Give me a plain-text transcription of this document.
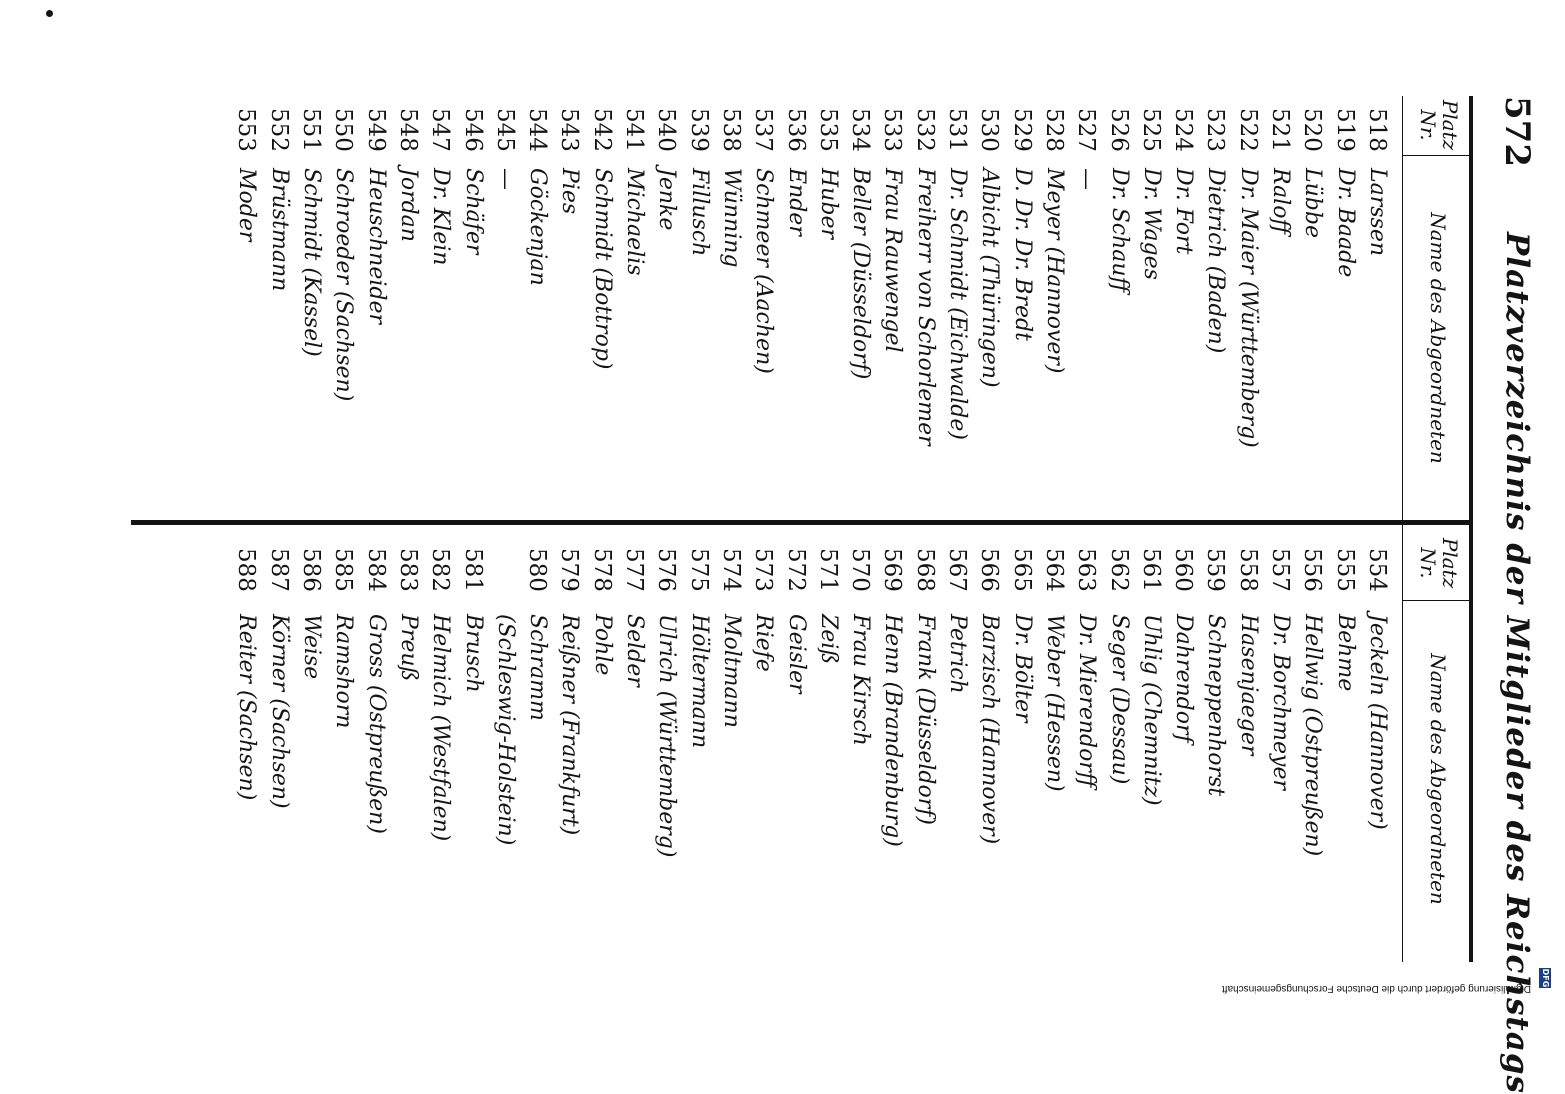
572
Platzverzeichnis der Mitglieder des Reichstags
Platz
Nr.
Name des Abgeordneten
Platz
Nr.
Name des Abgeordneten
518
Larssen
519
Dr. Baade
520
Lübbe
521
Raloff
522
Dr. Maier (Württemberg)
523
Dietrich (Baden)
524
Dr. Fort
525
Dr. Wages
526
Dr. Schauff
527
—
528
Meyer (Hannover)
529
D. Dr. Dr. Bredt
530
Albicht (Thüringen)
531
Dr. Schmidt (Eichwalde)
532
Freiherr von Schorlemer
533
Frau Rauwengel
534
Beller (Düsseldorf)
535
Huber
536
Ender
537
Schmeer (Aachen)
538
Wünning
539
Fillusch
540
Jenke
541
Michaelis
542
Schmidt (Bottrop)
543
Pies
544
Göckenjan
545
—
546
Schäfer
547
Dr. Klein
548
Jordan
549
Heuschneider
550
Schroeder (Sachsen)
551
Schmidt (Kassel)
552
Brüstmann
553
Moder
554
Jeckeln (Hannover)
555
Behme
556
Hellwig (Ostpreußen)
557
Dr. Borchmeyer
558
Hasenjaeger
559
Schneppenhorst
560
Dahrendorf
561
Uhlig (Chemnitz)
562
Seger (Dessau)
563
Dr. Mierendorff
564
Weber (Hessen)
565
Dr. Bölter
566
Barzisch (Hannover)
567
Petrich
568
Frank (Düsseldorf)
569
Henn (Brandenburg)
570
Frau Kirsch
571
Zeiß
572
Geisler
573
Riefe
574
Moltmann
575
Höltermann
576
Ulrich (Württemberg)
577
Selder
578
Pohle
579
Reißner (Frankfurt)
580
Schramm
(Schleswig-Holstein)
581
Brusch
582
Helmich (Westfalen)
583
Preuß
584
Gross (Ostpreußen)
585
Ramshorn
586
Weise
587
Körner (Sachsen)
588
Reiter (Sachsen)
DFG
Digitalisierung gefördert durch die Deutsche Forschungsgemeinschaft
